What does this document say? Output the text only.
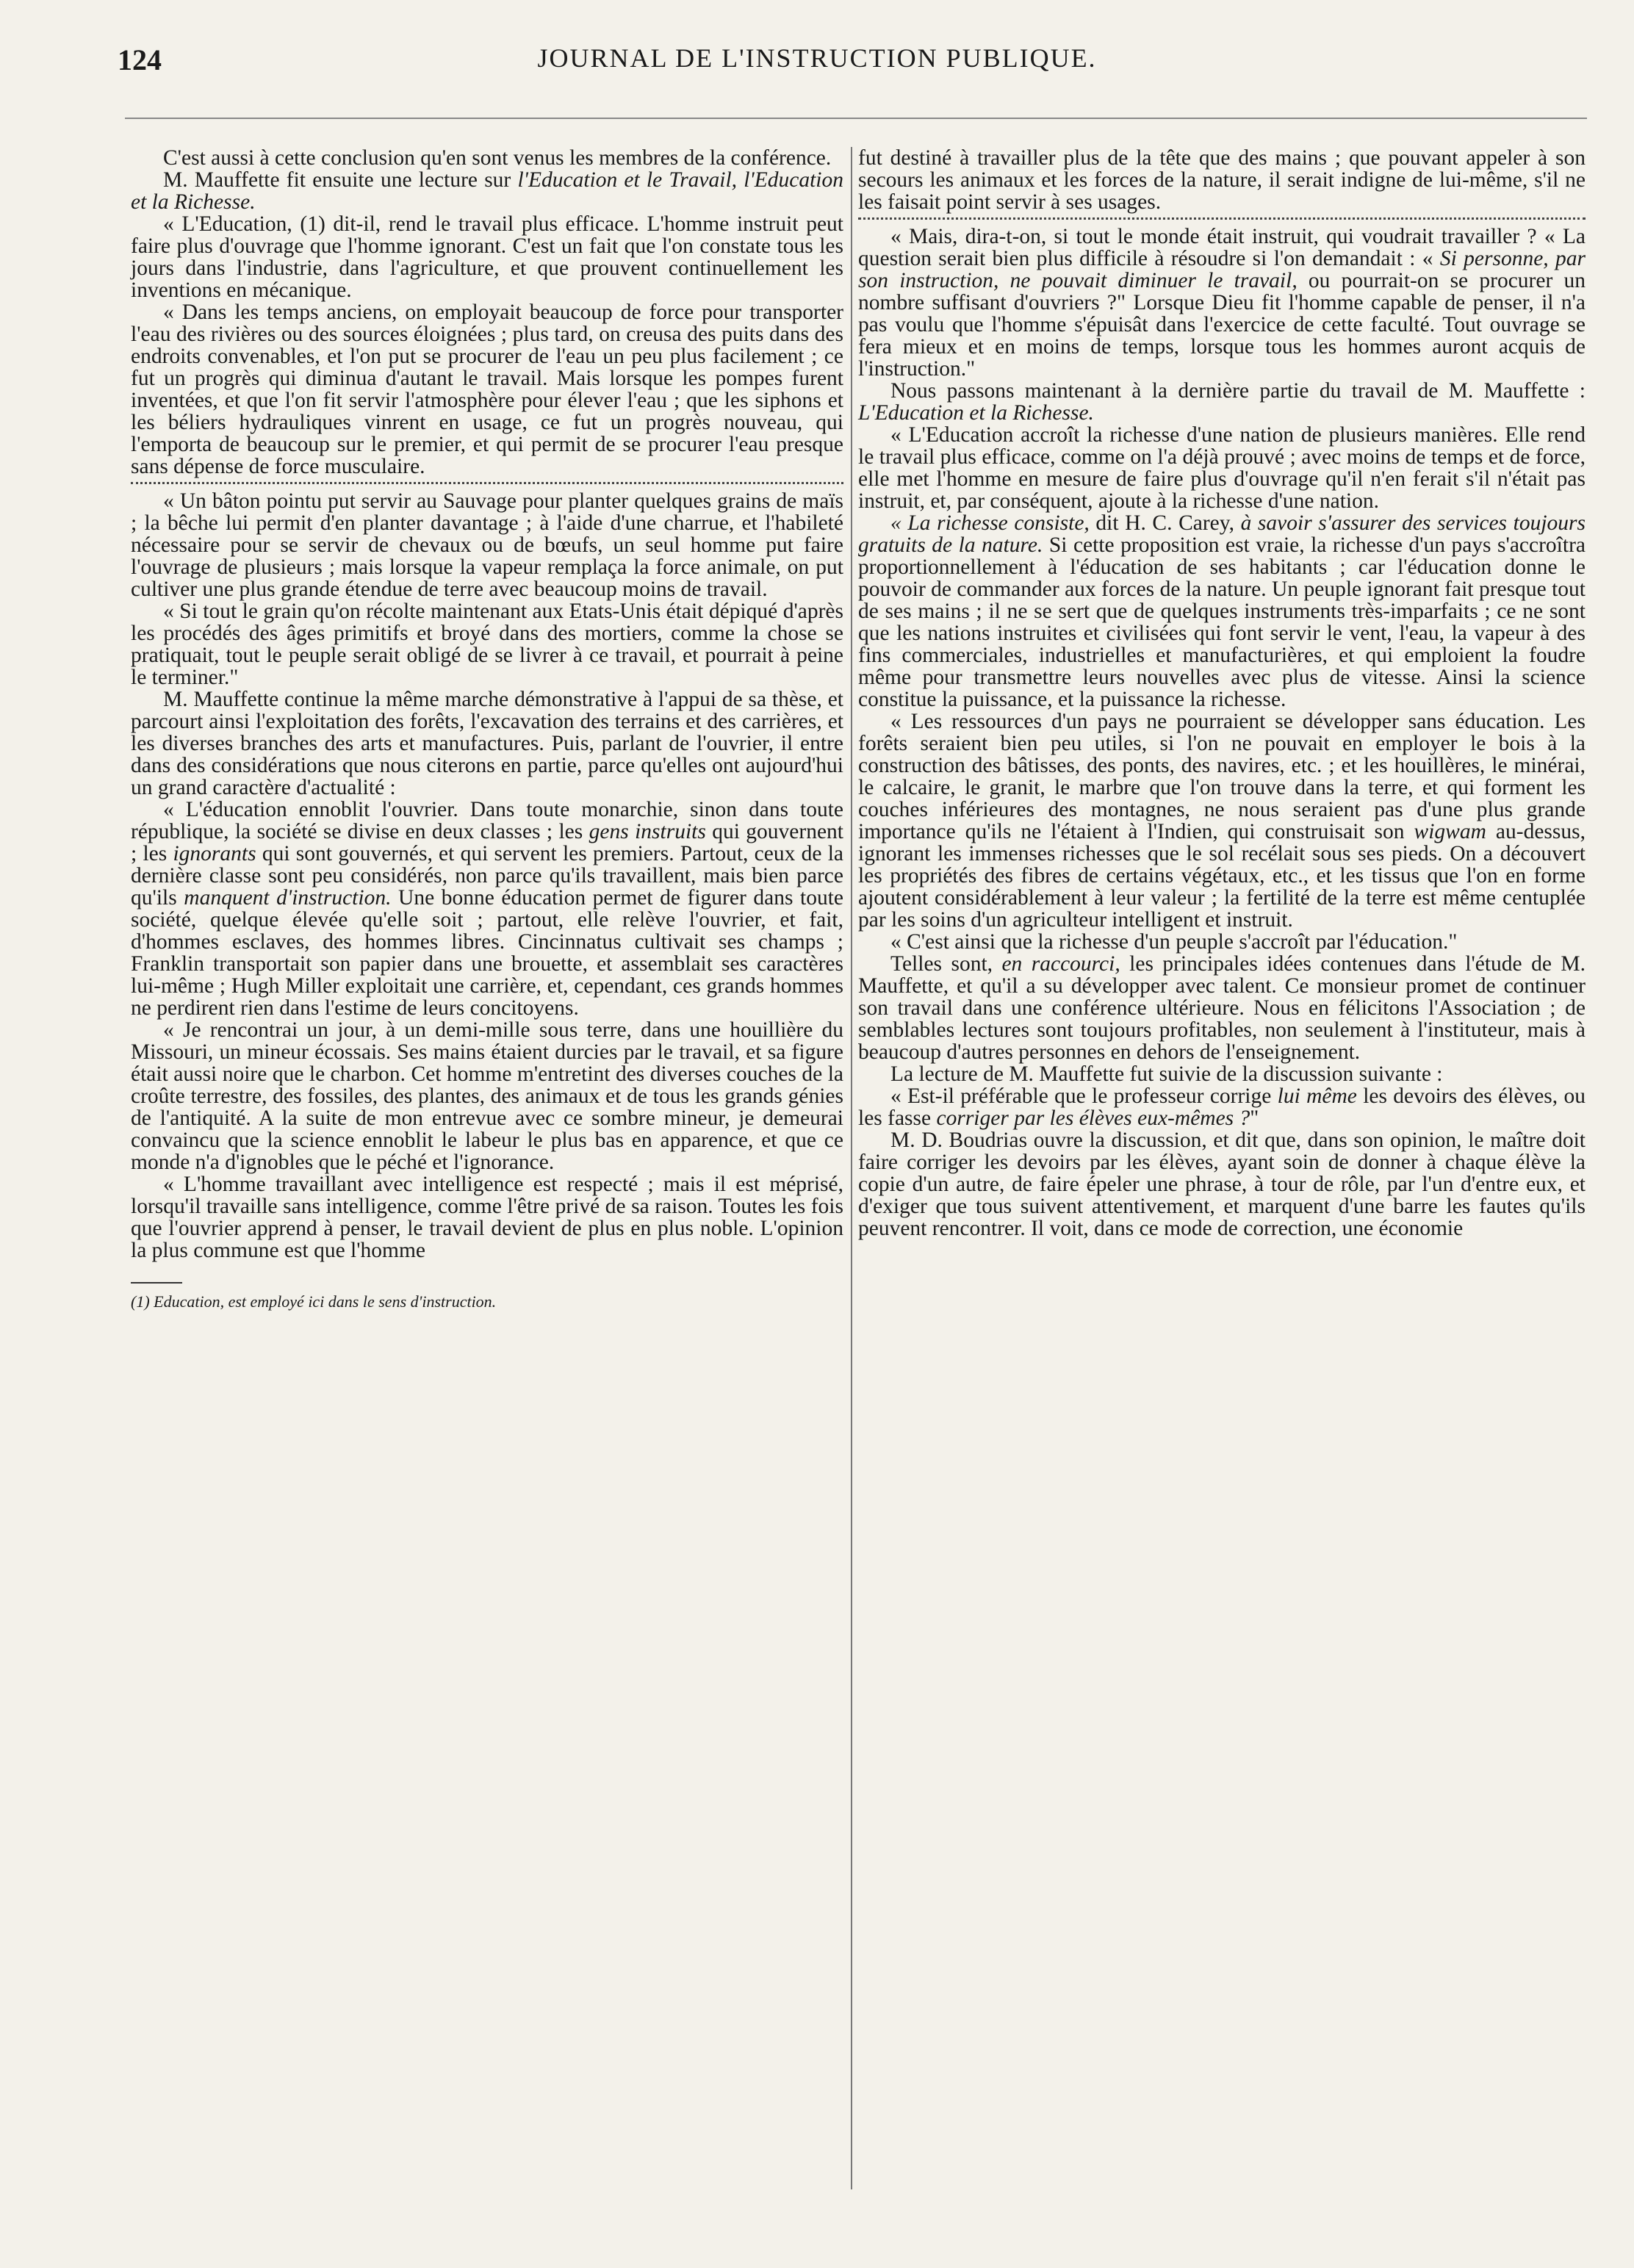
124	JOURNAL DE L'INSTRUCTION PUBLIQUE.

C'est aussi à cette conclusion qu'en sont venus les membres de la conférence.

M. Mauffette fit ensuite une lecture sur l'Education et le Travail, l'Education et la Richesse.

« L'Education, (1) dit-il, rend le travail plus efficace. L'homme instruit peut faire plus d'ouvrage que l'homme ignorant. C'est un fait que l'on constate tous les jours dans l'industrie, dans l'agriculture, et que prouvent continuellement les inventions en mécanique.

« Dans les temps anciens, on employait beaucoup de force pour transporter l'eau des rivières ou des sources éloignées ; plus tard, on creusa des puits dans des endroits convenables, et l'on put se procurer de l'eau un peu plus facilement ; ce fut un progrès qui diminua d'autant le travail. Mais lorsque les pompes furent inventées, et que l'on fit servir l'atmosphère pour élever l'eau ; que les siphons et les béliers hydrauliques vinrent en usage, ce fut un progrès nouveau, qui l'emporta de beaucoup sur le premier, et qui permit de se procurer l'eau presque sans dépense de force musculaire.

« Un bâton pointu put servir au Sauvage pour planter quelques grains de maïs ; la bêche lui permit d'en planter davantage ; à l'aide d'une charrue, et l'habileté nécessaire pour se servir de chevaux ou de bœufs, un seul homme put faire l'ouvrage de plusieurs ; mais lorsque la vapeur remplaça la force animale, on put cultiver une plus grande étendue de terre avec beaucoup moins de travail.

« Si tout le grain qu'on récolte maintenant aux Etats-Unis était dépiqué d'après les procédés des âges primitifs et broyé dans des mortiers, comme la chose se pratiquait, tout le peuple serait obligé de se livrer à ce travail, et pourrait à peine le terminer."

M. Mauffette continue la même marche démonstrative à l'appui de sa thèse, et parcourt ainsi l'exploitation des forêts, l'excavation des terrains et des carrières, et les diverses branches des arts et manufactures. Puis, parlant de l'ouvrier, il entre dans des considérations que nous citerons en partie, parce qu'elles ont aujourd'hui un grand caractère d'actualité :

« L'éducation ennoblit l'ouvrier. Dans toute monarchie, sinon dans toute république, la société se divise en deux classes ; les gens instruits qui gouvernent ; les ignorants qui sont gouvernés, et qui servent les premiers. Partout, ceux de la dernière classe sont peu considérés, non parce qu'ils travaillent, mais bien parce qu'ils manquent d'instruction. Une bonne éducation permet de figurer dans toute société, quelque élevée qu'elle soit ; partout, elle relève l'ouvrier, et fait, d'hommes esclaves, des hommes libres. Cincinnatus cultivait ses champs ; Franklin transportait son papier dans une brouette, et assemblait ses caractères lui-même ; Hugh Miller exploitait une carrière, et, cependant, ces grands hommes ne perdirent rien dans l'estime de leurs concitoyens.

« Je rencontrai un jour, à un demi-mille sous terre, dans une houillière du Missouri, un mineur écossais. Ses mains étaient durcies par le travail, et sa figure était aussi noire que le charbon. Cet homme m'entretint des diverses couches de la croûte terrestre, des fossiles, des plantes, des animaux et de tous les grands génies de l'antiquité. A la suite de mon entrevue avec ce sombre mineur, je demeurai convaincu que la science ennoblit le labeur le plus bas en apparence, et que ce monde n'a d'ignobles que le péché et l'ignorance.

« L'homme travaillant avec intelligence est respecté ; mais il est méprisé, lorsqu'il travaille sans intelligence, comme l'être privé de sa raison. Toutes les fois que l'ouvrier apprend à penser, le travail devient de plus en plus noble. L'opinion la plus commune est que l'homme

(1) Education, est employé ici dans le sens d'instruction.

fut destiné à travailler plus de la tête que des mains ; que pouvant appeler à son secours les animaux et les forces de la nature, il serait indigne de lui-même, s'il ne les faisait point servir à ses usages.

« Mais, dira-t-on, si tout le monde était instruit, qui voudrait travailler ? « La question serait bien plus difficile à résoudre si l'on demandait : « Si personne, par son instruction, ne pouvait diminuer le travail, ou pourrait-on se procurer un nombre suffisant d'ouvriers ?" Lorsque Dieu fit l'homme capable de penser, il n'a pas voulu que l'homme s'épuisât dans l'exercice de cette faculté. Tout ouvrage se fera mieux et en moins de temps, lorsque tous les hommes auront acquis de l'instruction."

Nous passons maintenant à la dernière partie du travail de M. Mauffette : L'Education et la Richesse.

« L'Education accroît la richesse d'une nation de plusieurs manières. Elle rend le travail plus efficace, comme on l'a déjà prouvé ; avec moins de temps et de force, elle met l'homme en mesure de faire plus d'ouvrage qu'il n'en ferait s'il n'était pas instruit, et, par conséquent, ajoute à la richesse d'une nation.

« La richesse consiste, dit H. C. Carey, à savoir s'assurer des services toujours gratuits de la nature. Si cette proposition est vraie, la richesse d'un pays s'accroîtra proportionnellement à l'éducation de ses habitants ; car l'éducation donne le pouvoir de commander aux forces de la nature. Un peuple ignorant fait presque tout de ses mains ; il ne se sert que de quelques instruments très-imparfaits ; ce ne sont que les nations instruites et civilisées qui font servir le vent, l'eau, la vapeur à des fins commerciales, industrielles et manufacturières, et qui emploient la foudre même pour transmettre leurs nouvelles avec plus de vitesse. Ainsi la science constitue la puissance, et la puissance la richesse.

« Les ressources d'un pays ne pourraient se développer sans éducation. Les forêts seraient bien peu utiles, si l'on ne pouvait en employer le bois à la construction des bâtisses, des ponts, des navires, etc. ; et les houillères, le minérai, le calcaire, le granit, le marbre que l'on trouve dans la terre, et qui forment les couches inférieures des montagnes, ne nous seraient pas d'une plus grande importance qu'ils ne l'étaient à l'Indien, qui construisait son wigwam au-dessus, ignorant les immenses richesses que le sol recélait sous ses pieds. On a découvert les propriétés des fibres de certains végétaux, etc., et les tissus que l'on en forme ajoutent considérablement à leur valeur ; la fertilité de la terre est même centuplée par les soins d'un agriculteur intelligent et instruit.

« C'est ainsi que la richesse d'un peuple s'accroît par l'éducation."

Telles sont, en raccourci, les principales idées contenues dans l'étude de M. Mauffette, et qu'il a su développer avec talent. Ce monsieur promet de continuer son travail dans une conférence ultérieure. Nous en félicitons l'Association ; de semblables lectures sont toujours profitables, non seulement à l'instituteur, mais à beaucoup d'autres personnes en dehors de l'enseignement.

La lecture de M. Mauffette fut suivie de la discussion suivante :

« Est-il préférable que le professeur corrige lui même les devoirs des élèves, ou les fasse corriger par les élèves eux-mêmes ?"

M. D. Boudrias ouvre la discussion, et dit que, dans son opinion, le maître doit faire corriger les devoirs par les élèves, ayant soin de donner à chaque élève la copie d'un autre, de faire épeler une phrase, à tour de rôle, par l'un d'entre eux, et d'exiger que tous suivent attentivement, et marquent d'une barre les fautes qu'ils peuvent rencontrer. Il voit, dans ce mode de correction, une économie
